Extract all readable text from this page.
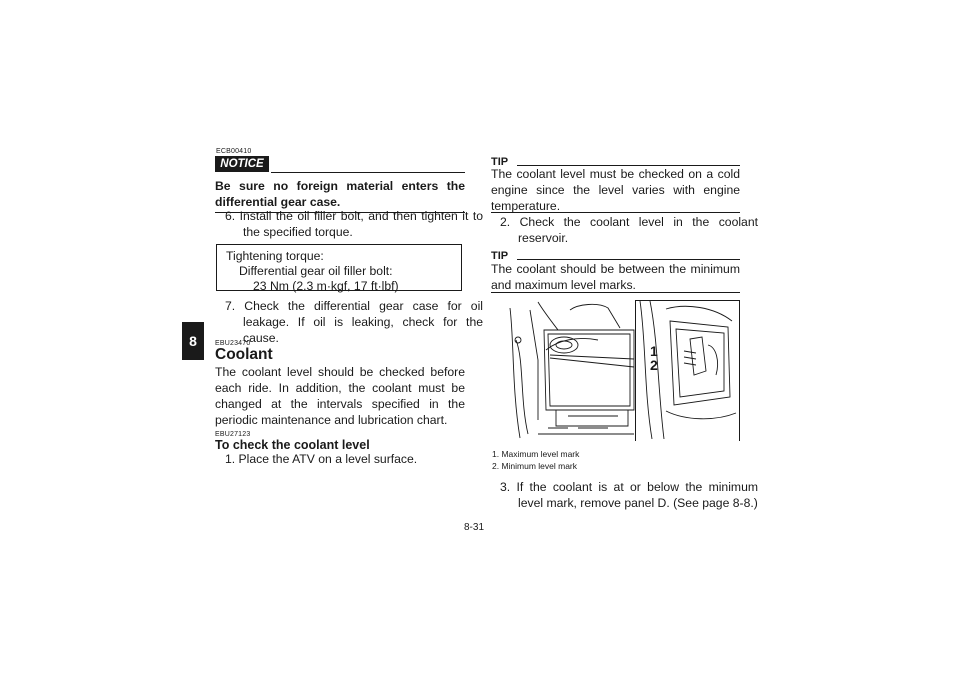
8
ECB00410
NOTICE
Be sure no foreign material enters the differential gear case.
6. Install the oil filler bolt, and then tighten it to the specified torque.
Tightening torque:
Differential gear oil filler bolt:
23 Nm (2.3 m·kgf, 17 ft·lbf)
7. Check the differential gear case for oil leakage. If oil is leaking, check for the cause.
EBU23470
Coolant
The coolant level should be checked before each ride. In addition, the coolant must be changed at the intervals specified in the periodic maintenance and lubrication chart.
EBU27123
To check the coolant level
1. Place the ATV on a level surface.
TIP
The coolant level must be checked on a cold engine since the level varies with engine temperature.
2. Check the coolant level in the coolant reservoir.
TIP
The coolant should be between the minimum and maximum level marks.
1
2
1. Maximum level mark
2. Minimum level mark
3. If the coolant is at or below the minimum level mark, remove panel D. (See page 8-8.)
8-31
